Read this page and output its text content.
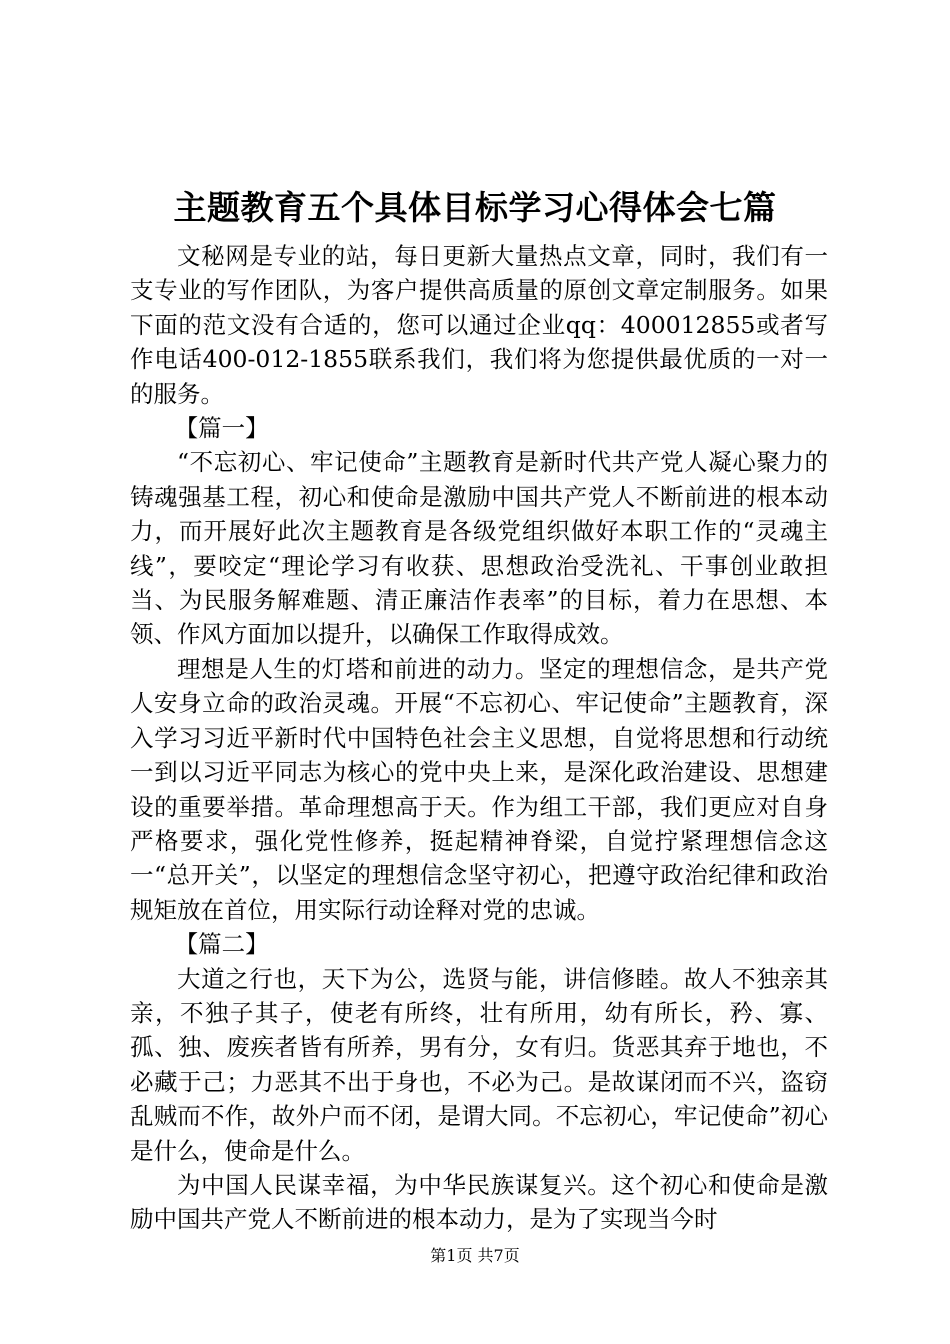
主题教育五个具体目标学习心得体会七篇

文秘网是专业的站，每日更新大量热点文章，同时，我们有一支专业的写作团队，为客户提供高质量的原创文章定制服务。如果下面的范文没有合适的，您可以通过企业qq：400012855或者写作电话400-012-1855联系我们，我们将为您提供最优质的一对一的服务。

【篇一】

“不忘初心、牢记使命”主题教育是新时代共产党人凝心聚力的铸魂强基工程，初心和使命是激励中国共产党人不断前进的根本动力，而开展好此次主题教育是各级党组织做好本职工作的“灵魂主线”，要咬定“理论学习有收获、思想政治受洗礼、干事创业敢担当、为民服务解难题、清正廉洁作表率”的目标，着力在思想、本领、作风方面加以提升，以确保工作取得成效。

理想是人生的灯塔和前进的动力。坚定的理想信念，是共产党人安身立命的政治灵魂。开展“不忘初心、牢记使命”主题教育，深入学习习近平新时代中国特色社会主义思想，自觉将思想和行动统一到以习近平同志为核心的党中央上来，是深化政治建设、思想建设的重要举措。革命理想高于天。作为组工干部，我们更应对自身严格要求，强化党性修养，挺起精神脊梁，自觉拧紧理想信念这一“总开关”，以坚定的理想信念坚守初心，把遵守政治纪律和政治规矩放在首位，用实际行动诠释对党的忠诚。

【篇二】

大道之行也，天下为公，选贤与能，讲信修睦。故人不独亲其亲，不独子其子，使老有所终，壮有所用，幼有所长，矜、寡、孤、独、废疾者皆有所养，男有分，女有归。货恶其弃于地也，不必藏于己；力恶其不出于身也，不必为己。是故谋闭而不兴，盗窃乱贼而不作，故外户而不闭，是谓大同。不忘初心，牢记使命”初心是什么，使命是什么。

为中国人民谋幸福，为中华民族谋复兴。这个初心和使命是激励中国共产党人不断前进的根本动力，是为了实现当今时

第1页 共7页
